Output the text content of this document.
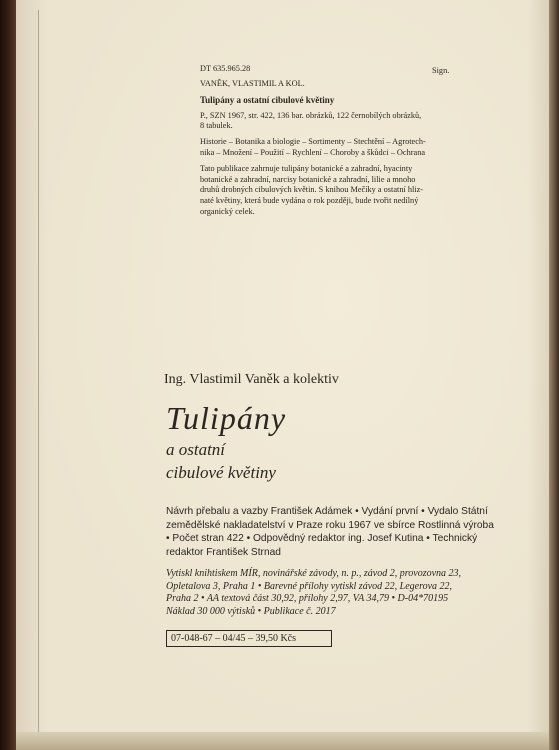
DT 635.965.28	Sign.
VANĚK, VLASTIMIL A KOL.
Tulipány a ostatní cibulové květiny
P., SZN 1967, str. 422, 136 bar. obrázků, 122 černobílých obrázků,
8 tabulek.
Historie – Botanika a biologie – Sortimenty – Stechtění – Agrotech-
nika – Množení – Použití – Rychlení – Choroby a škůdci – Ochrana
Tato publikace zahrnuje tulipány botanické a zahradní, hyacinty
botanické a zahradní, narcisy botanické a zahradní, lilie a mnoho
druhů drobných cibulových květin. S knihou Mečíky a ostatní hliz-
naté květiny, která bude vydána o rok později, bude tvořit nedílný
organický celek.
Ing. Vlastimil Vaněk a kolektiv
Tulipány
a ostatní
cibulové květiny
Návrh přebalu a vazby František Adámek • Vydání první • Vydalo Státní
zemědělské nakladatelství v Praze roku 1967 ve sbírce Rostlinná výroba
• Počet stran 422 • Odpovědný redaktor ing. Josef Kutina • Technický
redaktor František Strnad
Vytiskl knihtiskem MÍR, novinářské závody, n. p., závod 2, provozovna 23,
Opletalova 3, Praha 1 • Barevné přílohy vytiskl závod 22, Legerova 22,
Praha 2 • AA textová část 30,92, přílohy 2,97, VA 34,79 • D-04*70195
Náklad 30 000 výtisků • Publikace č. 2017
07-048-67 – 04/45 – 39,50 Kčs
